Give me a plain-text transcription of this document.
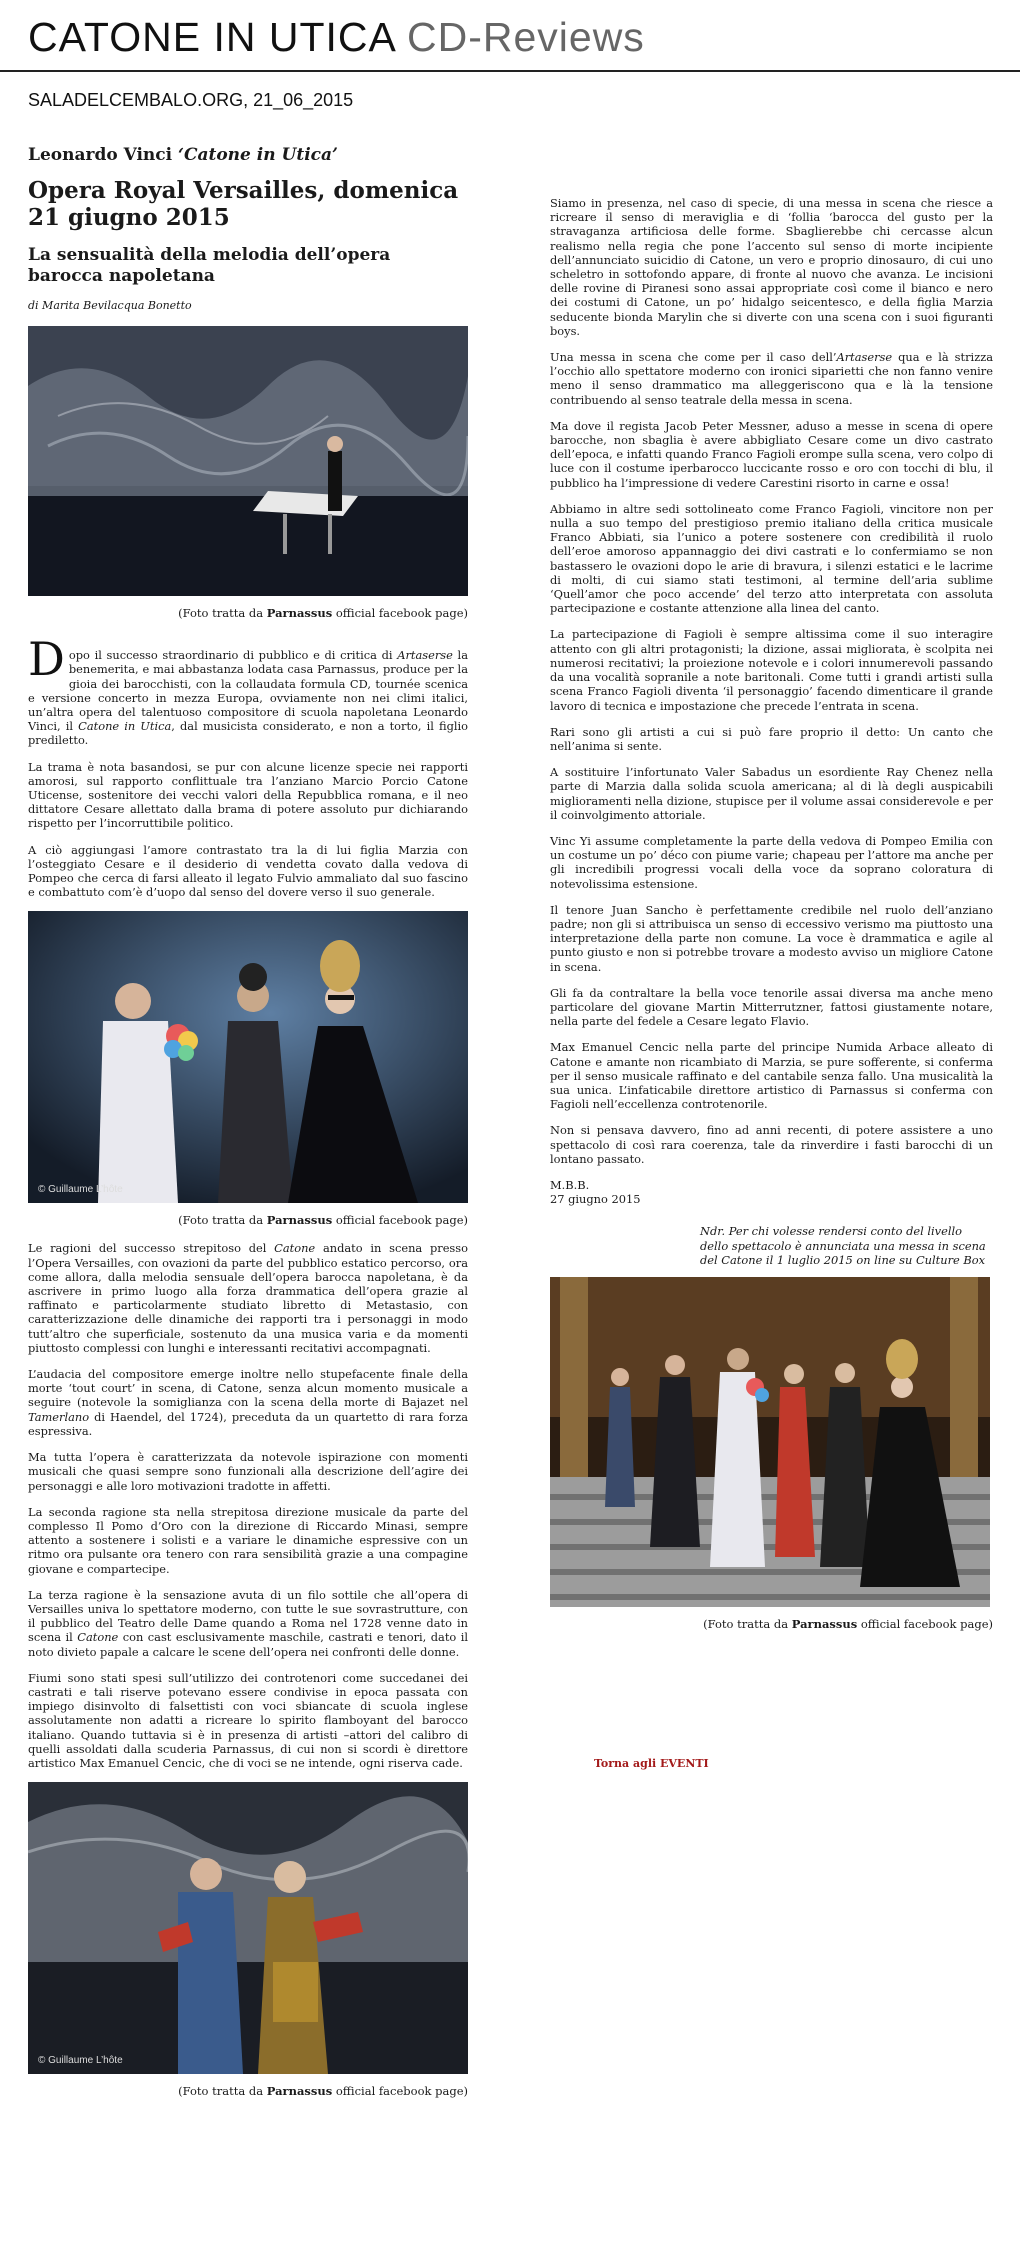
CATONE IN UTICA CD-Reviews
SALADELCEMBALO.ORG, 21_06_2015
Leonardo Vinci ‘Catone in Utica’
Opera Royal Versailles, domenica 21 giugno 2015
La sensualità della melodia dell’opera barocca napoletana
di Marita Bevilacqua Bonetto
(Foto tratta da Parnassus official facebook page)

Dopo il successo straordinario di pubblico e di critica di Artaserse la benemerita, e mai abbastanza lodata casa Parnassus, produce per la gioia dei barocchisti, con la collaudata formula CD, tournée scenica e versione concerto in mezza Europa, ovviamente non nei climi italici, un’altra opera del talentuoso compositore di scuola napoletana Leonardo Vinci, il Catone in Utica, dal musicista considerato, e non a torto, il figlio prediletto.

La trama è nota basandosi, se pur con alcune licenze specie nei rapporti amorosi, sul rapporto conflittuale tra l’anziano Marcio Porcio Catone Uticense, sostenitore dei vecchi valori della Repubblica romana, e il neo dittatore Cesare allettato dalla brama di potere assoluto pur dichiarando rispetto per l’incorruttibile politico.

A ciò aggiungasi l’amore contrastato tra la di lui figlia Marzia con l’osteggiato Cesare e il desiderio di vendetta covato dalla vedova di Pompeo che cerca di farsi alleato il legato Fulvio ammaliato dal suo fascino e combattuto com’è d’uopo dal senso del dovere verso il suo generale.

© Guillaume L’hôte
(Foto tratta da Parnassus official facebook page)

Le ragioni del successo strepitoso del Catone andato in scena presso l’Opera Versailles, con ovazioni da parte del pubblico estatico percorso, ora come allora, dalla melodia sensuale dell’opera barocca napoletana, è da ascrivere in primo luogo alla forza drammatica dell’opera grazie al raffinato e particolarmente studiato libretto di Metastasio, con caratterizzazione delle dinamiche dei rapporti tra i personaggi in modo tutt’altro che superficiale, sostenuto da una musica varia e da momenti piuttosto complessi con lunghi e interessanti recitativi accompagnati.

L’audacia del compositore emerge inoltre nello stupefacente finale della morte ‘tout court’ in scena, di Catone, senza alcun momento musicale a seguire (notevole la somiglianza con la scena della morte di Bajazet nel Tamerlano di Haendel, del 1724), preceduta da un quartetto di rara forza espressiva.

Ma tutta l’opera è caratterizzata da notevole ispirazione con momenti musicali che quasi sempre sono funzionali alla descrizione dell’agire dei personaggi e alle loro motivazioni tradotte in affetti.

La seconda ragione sta nella strepitosa direzione musicale da parte del complesso Il Pomo d’Oro con la direzione di Riccardo Minasi, sempre attento a sostenere i solisti e a variare le dinamiche espressive con un ritmo ora pulsante ora tenero con rara sensibilità grazie a una compagine giovane e compartecipe.

La terza ragione è la sensazione avuta di un filo sottile che all’opera di Versailles univa lo spettatore moderno, con tutte le sue sovrastrutture, con il pubblico del Teatro delle Dame quando a Roma nel 1728 venne dato in scena il Catone con cast esclusivamente maschile, castrati e tenori, dato il noto divieto papale a calcare le scene dell’opera nei confronti delle donne.

Fiumi sono stati spesi sull’utilizzo dei controtenori come succedanei dei castrati e tali riserve potevano essere condivise in epoca passata con impiego disinvolto di falsettisti con voci sbiancate di scuola inglese assolutamente non adatti a ricreare lo spirito flamboyant del barocco italiano. Quando tuttavia si è in presenza di artisti –attori del calibro di quelli assoldati dalla scuderia Parnassus, di cui non si scordi è direttore artistico Max Emanuel Cencic, che di voci se ne intende, ogni riserva cade.

© Guillaume L’hôte
(Foto tratta da Parnassus official facebook page)

Siamo in presenza, nel caso di specie, di una messa in scena che riesce a ricreare il senso di meraviglia e di ‘follia ‘barocca del gusto per la stravaganza artificiosa delle forme. Sbaglierebbe chi cercasse alcun realismo nella regia che pone l’accento sul senso di morte incipiente dell’annunciato suicidio di Catone, un vero e proprio dinosauro, di cui uno scheletro in sottofondo appare, di fronte al nuovo che avanza. Le incisioni delle rovine di Piranesi sono assai appropriate così come il bianco e nero dei costumi di Catone, un po’ hidalgo seicentesco, e della figlia Marzia seducente bionda Marylin che si diverte con una scena con i suoi figuranti boys.

Una messa in scena che come per il caso dell’Artaserse qua e là strizza l’occhio allo spettatore moderno con ironici siparietti che non fanno venire meno il senso drammatico ma alleggeriscono qua e là la tensione contribuendo al senso teatrale della messa in scena.

Ma dove il regista Jacob Peter Messner, aduso a messe in scena di opere barocche, non sbaglia è avere abbigliato Cesare come un divo castrato dell’epoca, e infatti quando Franco Fagioli erompe sulla scena, vero colpo di luce con il costume iperbarocco luccicante rosso e oro con tocchi di blu, il pubblico ha l’impressione di vedere Carestini risorto in carne e ossa!

Abbiamo in altre sedi sottolineato come Franco Fagioli, vincitore non per nulla a suo tempo del prestigioso premio italiano della critica musicale Franco Abbiati, sia l’unico a potere sostenere con credibilità il ruolo dell’eroe amoroso appannaggio dei divi castrati e lo confermiamo se non bastassero le ovazioni dopo le arie di bravura, i silenzi estatici e le lacrime di molti, di cui siamo stati testimoni, al termine dell’aria sublime ‘Quell’amor che poco accende’ del terzo atto interpretata con assoluta partecipazione e costante attenzione alla linea del canto.

La partecipazione di Fagioli è sempre altissima come il suo interagire attento con gli altri protagonisti; la dizione, assai migliorata, è scolpita nei numerosi recitativi; la proiezione notevole e i colori innumerevoli passando da una vocalità sopranile a note baritonali. Come tutti i grandi artisti sulla scena Franco Fagioli diventa ‘il personaggio’ facendo dimenticare il grande lavoro di tecnica e impostazione che precede l’entrata in scena.

Rari sono gli artisti a cui si può fare proprio il detto: Un canto che nell’anima si sente.

A sostituire l’infortunato Valer Sabadus un esordiente Ray Chenez nella parte di Marzia dalla solida scuola americana; al di là degli auspicabili miglioramenti nella dizione, stupisce per il volume assai considerevole e per il coinvolgimento attoriale.

Vinc Yi assume completamente la parte della vedova di Pompeo Emilia con un costume un po’ déco con piume varie; chapeau per l’attore ma anche per gli incredibili progressi vocali della voce da soprano coloratura di notevolissima estensione.

Il tenore Juan Sancho è perfettamente credibile nel ruolo dell’anziano padre; non gli si attribuisca un senso di eccessivo verismo ma piuttosto una interpretazione della parte non comune. La voce è drammatica e agile al punto giusto e non si potrebbe trovare a modesto avviso un migliore Catone in scena.

Gli fa da contraltare la bella voce tenorile assai diversa ma anche meno particolare del giovane Martin Mitterrutzner, fattosi giustamente notare, nella parte del fedele a Cesare legato Flavio.

Max Emanuel Cencic nella parte del principe Numida Arbace alleato di Catone e amante non ricambiato di Marzia, se pure sofferente, si conferma per il senso musicale raffinato e del cantabile senza fallo. Una musicalità la sua unica. L’infaticabile direttore artistico di Parnassus si conferma con Fagioli nell’eccellenza controtenorile.

Non si pensava davvero, fino ad anni recenti, di potere assistere a uno spettacolo di così rara coerenza, tale da rinverdire i fasti barocchi di un lontano passato.

M.B.B.
27 giugno 2015
Ndr. Per chi volesse rendersi conto del livello dello spettacolo è annunciata una messa in scena del Catone il 1 luglio 2015 on line su Culture Box
(Foto tratta da Parnassus official facebook page)
Torna agli EVENTI
